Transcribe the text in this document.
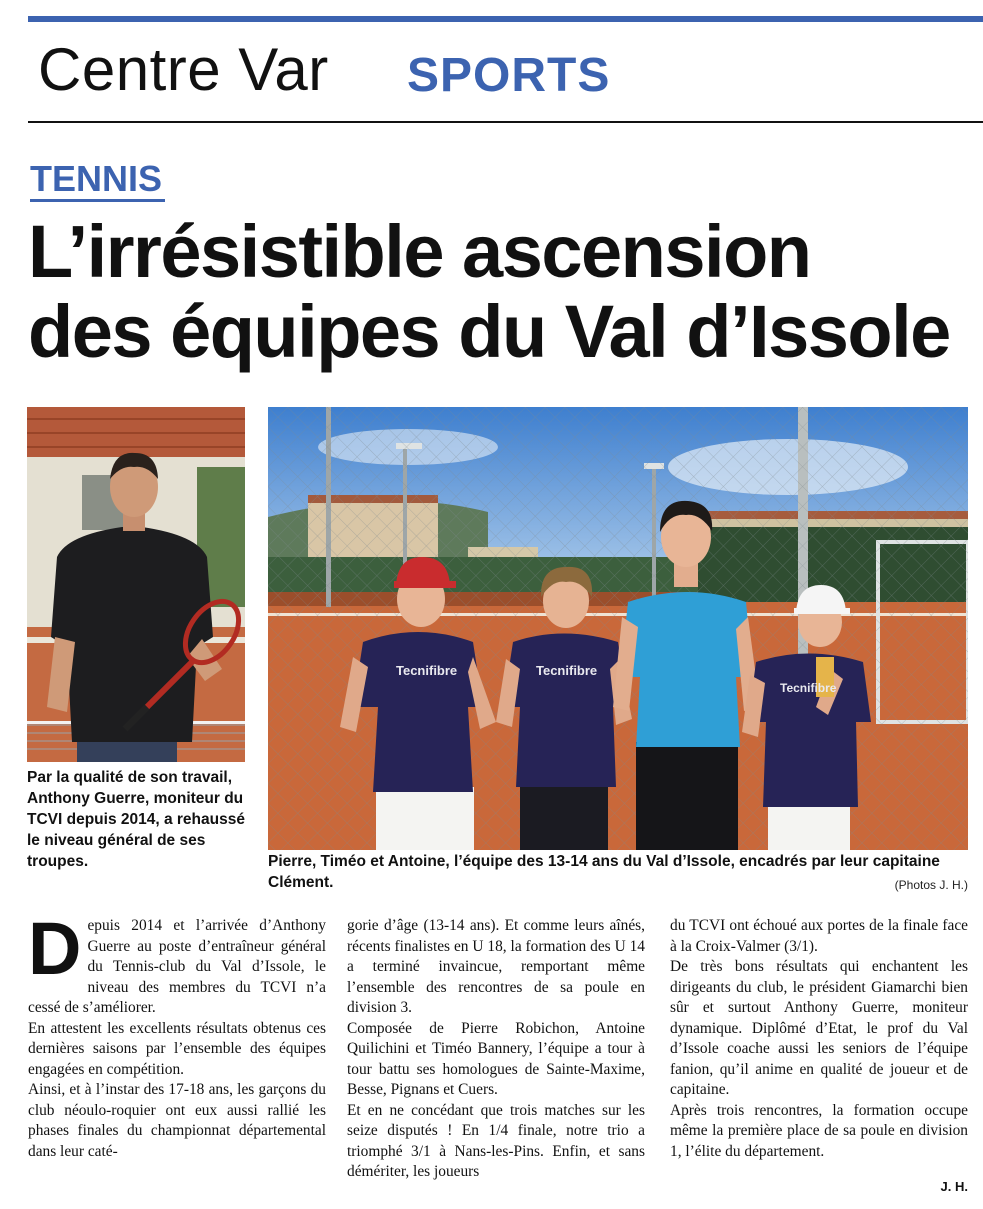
Centre Var SPORTS
TENNIS
L’irrésistible ascension
des équipes du Val d’Issole
Par la qualité de son travail, Anthony Guerre, moniteur du TCVI depuis 2014, a rehaussé le niveau général de ses troupes.
Tecnifibre	Tecnifibre
Tecnifibre
Pierre, Timéo et Antoine, l’équipe des 13-14 ans du Val d’Issole, encadrés par leur capitaine Clément.	(Photos J. H.)
D epuis 2014 et l’arrivée d’Anthony Guerre au poste d’entraîneur général du Tennis-club du Val d’Issole, le niveau des membres du TCVI n’a cessé de s’améliorer.

En attestent les excellents résultats obtenus ces dernières saisons par l’ensemble des équipes engagées en compétition.

Ainsi, et à l’instar des 17-18 ans, les garçons du club néoulo-roquier ont eux aussi rallié les phases finales du championnat départemental dans leur caté-

gorie d’âge (13-14 ans). Et comme leurs aînés, récents finalistes en U 18, la formation des U 14 a terminé invaincue, remportant même l’ensemble des rencontres de sa poule en division 3.

Composée de Pierre Robichon, Antoine Quilichini et Timéo Bannery, l’équipe a tour à tour battu ses homologues de Sainte-Maxime, Besse, Pignans et Cuers.

Et en ne concédant que trois matches sur les seize disputés ! En 1/4 finale, notre trio a triomphé 3/1 à Nans-les-Pins. Enfin, et sans démériter, les joueurs

du TCVI ont échoué aux portes de la finale face à la Croix-Valmer (3/1).

De très bons résultats qui enchantent les dirigeants du club, le président Giamarchi bien sûr et surtout Anthony Guerre, moniteur dynamique. Diplômé d’Etat, le prof du Val d’Issole coache aussi les seniors de l’équipe fanion, qu’il anime en qualité de joueur et de capitaine.

Après trois rencontres, la formation occupe même la première place de sa poule en division 1, l’élite du département.

J. H.
